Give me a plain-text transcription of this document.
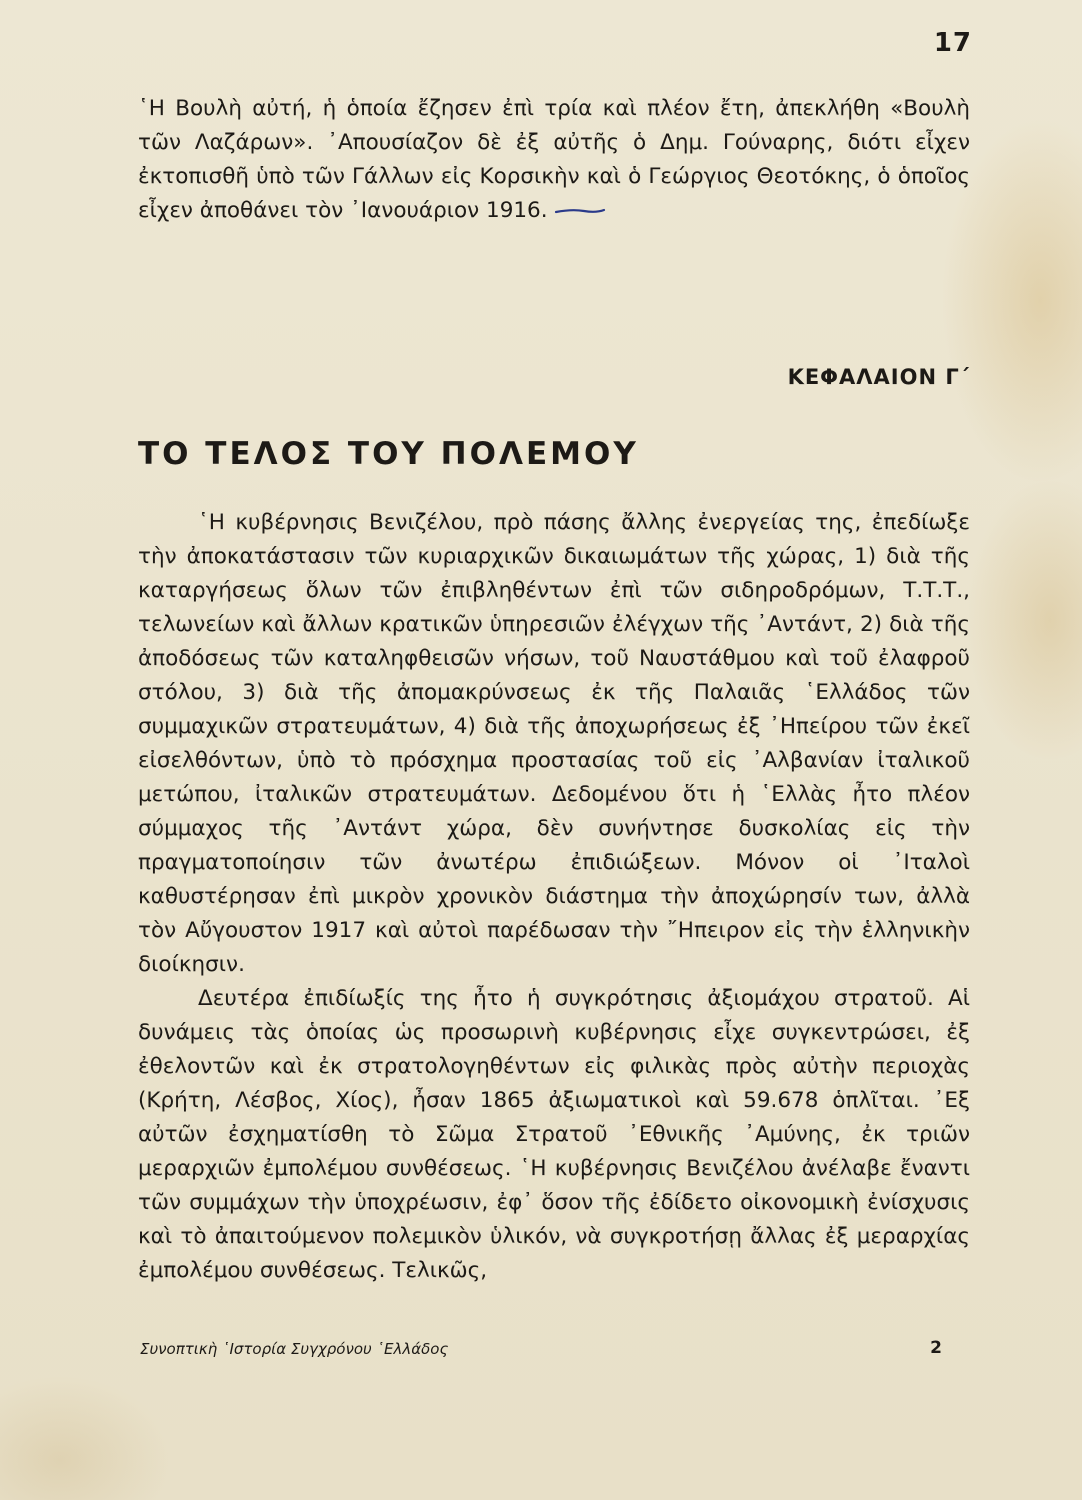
17

῾Η Βουλὴ αὐτή, ἡ ὁποία ἔζησεν ἐπὶ τρία καὶ πλέον ἔτη, ἀπεκλήθη «Βουλὴ τῶν Λαζάρων». ᾿Απουσίαζον δὲ ἐξ αὐτῆς ὁ Δημ. Γούναρης, διότι εἶχεν ἐκτοπισθῆ ὑπὸ τῶν Γάλλων εἰς Κορσικὴν καὶ ὁ Γεώργιος Θεοτόκης, ὁ ὁποῖος εἶχεν ἀποθάνει τὸν ᾿Ιανουάριον 1916.

ΚΕΦΑΛΑΙΟΝ Γ΄
ΤΟ ΤΕΛΟΣ ΤΟΥ ΠΟΛΕΜΟΥ

῾Η κυβέρνησις Βενιζέλου, πρὸ πάσης ἄλλης ἐνεργείας της, ἐπεδίωξε τὴν ἀποκατάστασιν τῶν κυριαρχικῶν δικαιωμάτων τῆς χώρας, 1) διὰ τῆς καταργήσεως ὅλων τῶν ἐπιβληθέντων ἐπὶ τῶν σιδηροδρόμων, Τ.Τ.Τ., τελωνείων καὶ ἄλλων κρατικῶν ὑπηρεσιῶν ἐλέγχων τῆς ᾿Αντάντ, 2) διὰ τῆς ἀποδόσεως τῶν καταληφθεισῶν νήσων, τοῦ Ναυστάθμου καὶ τοῦ ἐλαφροῦ στόλου, 3) διὰ τῆς ἀπομακρύνσεως ἐκ τῆς Παλαιᾶς ῾Ελλάδος τῶν συμμαχικῶν στρατευμάτων, 4) διὰ τῆς ἀποχωρήσεως ἐξ ᾿Ηπείρου τῶν ἐκεῖ εἰσελθόντων, ὑπὸ τὸ πρόσχημα προστασίας τοῦ εἰς ᾿Αλβανίαν ἰταλικοῦ μετώπου, ἰταλικῶν στρατευμάτων. Δεδομένου ὅτι ἡ ῾Ελλὰς ἦτο πλέον σύμμαχος τῆς ᾿Αντάντ χώρα, δὲν συνήντησε δυσκολίας εἰς τὴν πραγματοποίησιν τῶν ἀνωτέρω ἐπιδιώξεων. Μόνον οἱ ᾿Ιταλοὶ καθυστέρησαν ἐπὶ μικρὸν χρονικὸν διάστημα τὴν ἀποχώρησίν των, ἀλλὰ τὸν Αὔγουστον 1917 καὶ αὐτοὶ παρέδωσαν τὴν ῎Ηπειρον εἰς τὴν ἑλληνικὴν διοίκησιν.

Δευτέρα ἐπιδίωξίς της ἦτο ἡ συγκρότησις ἀξιομάχου στρατοῦ. Αἱ δυνάμεις τὰς ὁποίας ὡς προσωρινὴ κυβέρνησις εἶχε συγκεντρώσει, ἐξ ἐθελοντῶν καὶ ἐκ στρατολογηθέντων εἰς φιλικὰς πρὸς αὐτὴν περιοχὰς (Κρήτη, Λέσβος, Χίος), ἦσαν 1865 ἀξιωματικοὶ καὶ 59.678 ὁπλῖται. ᾿Εξ αὐτῶν ἐσχηματίσθη τὸ Σῶμα Στρατοῦ ᾿Εθνικῆς ᾿Αμύνης, ἐκ τριῶν μεραρχιῶν ἐμπολέμου συνθέσεως. ῾Η κυβέρνησις Βενιζέλου ἀνέλαβε ἔναντι τῶν συμμάχων τὴν ὑποχρέωσιν, ἐφ᾿ ὅσον τῆς ἐδίδετο οἰκονομικὴ ἐνίσχυσις καὶ τὸ ἀπαιτούμενον πολεμικὸν ὑλικόν, νὰ συγκροτήσῃ ἄλλας ἐξ μεραρχίας ἐμπολέμου συνθέσεως. Τελικῶς,

Συνοπτικὴ ῾Ιστορία Συγχρόνου ῾Ελλάδος	2
